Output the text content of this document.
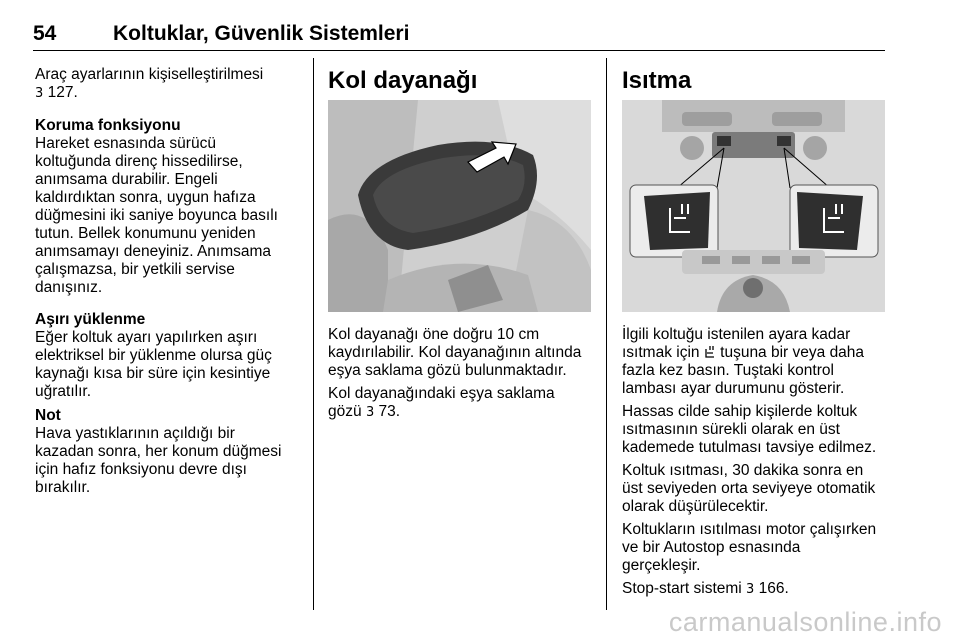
54	Koltuklar, Güvenlik Sistemleri

Araç ayarlarının kişiselleştirilmesi
3 127.

Koruma fonksiyonu
Hareket esnasında sürücü
koltuğunda direnç hissedilirse,
anımsama durabilir. Engeli
kaldırdıktan sonra, uygun hafıza
düğmesini iki saniye boyunca basılı
tutun. Bellek konumunu yeniden
anımsamayı deneyiniz. Anımsama
çalışmazsa, bir yetkili servise
danışınız.

Aşırı yüklenme
Eğer koltuk ayarı yapılırken aşırı
elektriksel bir yüklenme olursa güç
kaynağı kısa bir süre için kesintiye
uğratılır.

Not
Hava yastıklarının açıldığı bir
kazadan sonra, her konum düğmesi
için hafız fonksiyonu devre dışı
bırakılır.

Kol dayanağı

Kol dayanağı öne doğru 10 cm
kaydırılabilir. Kol dayanağının altında
eşya saklama gözü bulunmaktadır.

Kol dayanağındaki eşya saklama
gözü 3 73.

Isıtma

İlgili koltuğu istenilen ayara kadar
ısıtmak için tuşuna bir veya daha
fazla kez basın. Tuştaki kontrol
lambası ayar durumunu gösterir.

Hassas cilde sahip kişilerde koltuk
ısıtmasının sürekli olarak en üst
kademede tutulması tavsiye edilmez.

Koltuk ısıtması, 30 dakika sonra en
üst seviyeden orta seviyeye otomatik
olarak düşürülecektir.

Koltukların ısıtılması motor çalışırken
ve bir Autostop esnasında
gerçekleşir.

Stop-start sistemi 3 166.

carmanualsonline.info
